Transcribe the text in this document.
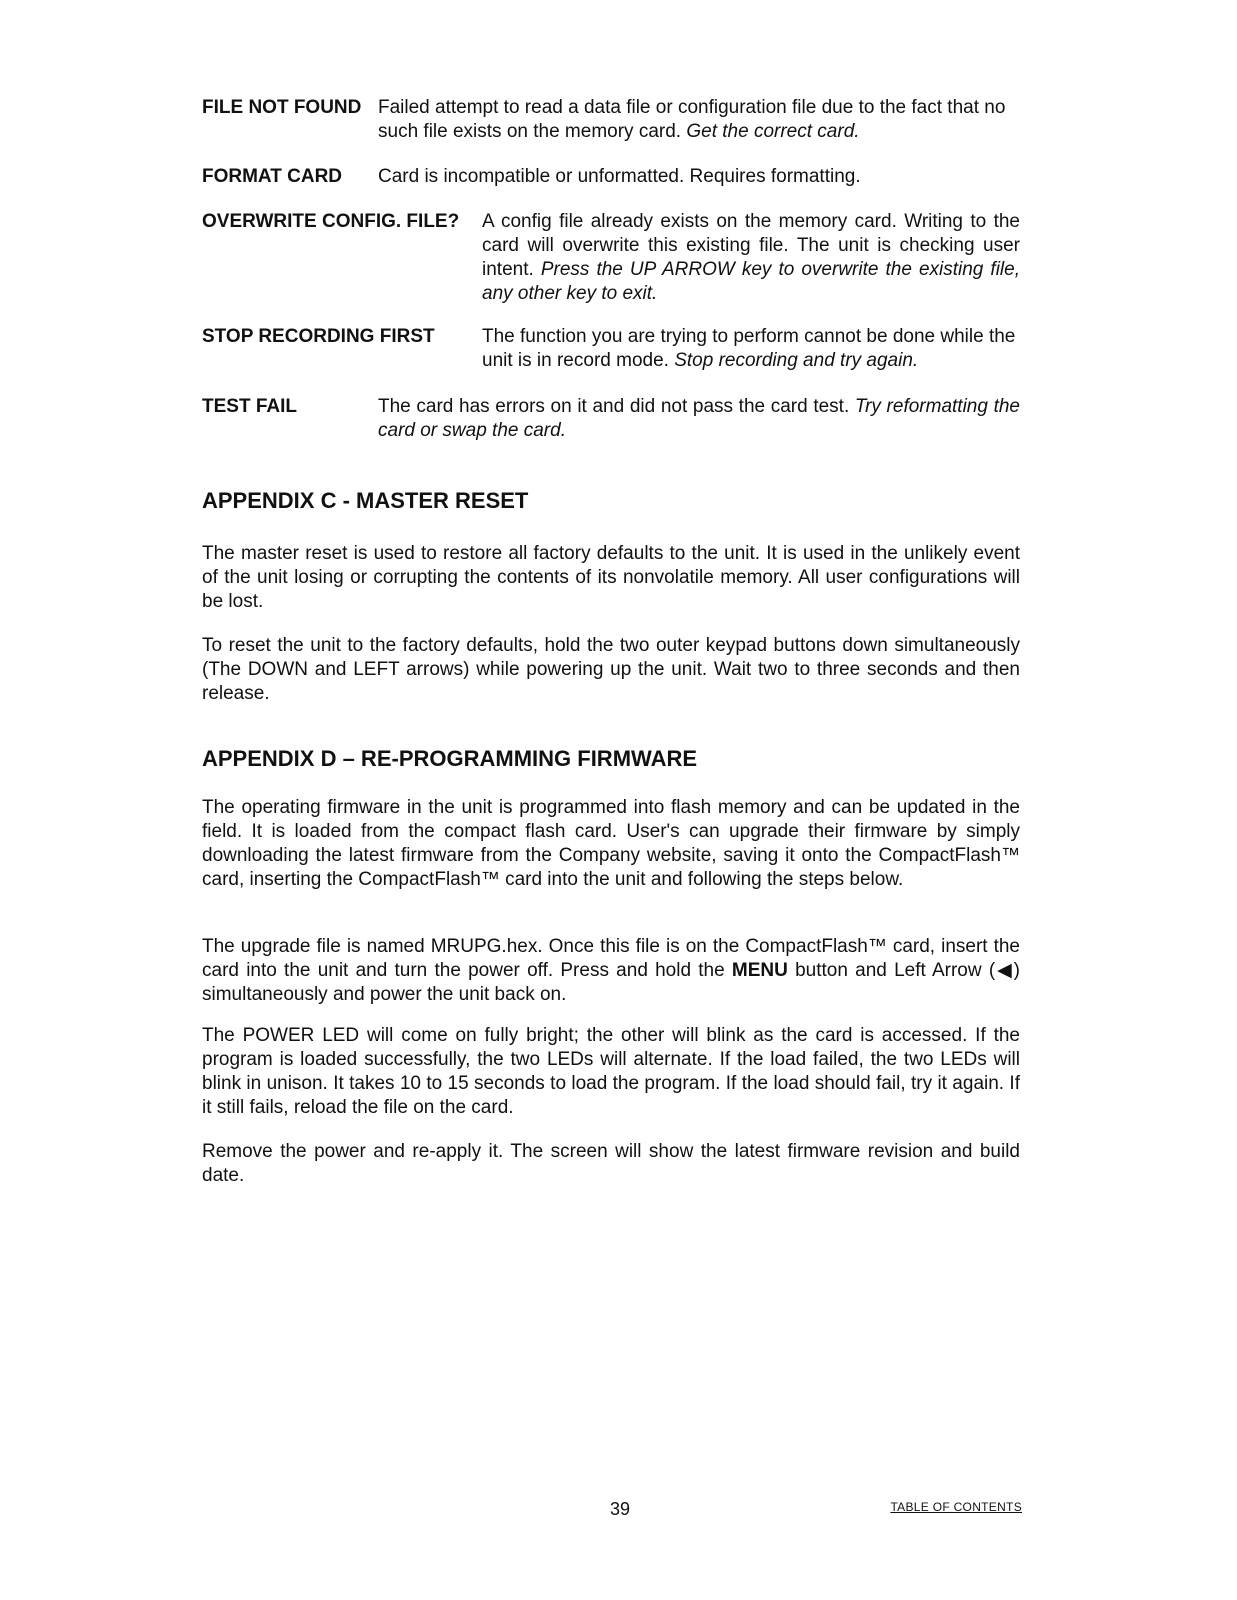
FILE NOT FOUND Failed attempt to read a data file or configuration file due to the fact that no such file exists on the memory card. Get the correct card.
FORMAT CARD Card is incompatible or unformatted. Requires formatting.
OVERWRITE CONFIG. FILE? A config file already exists on the memory card. Writing to the card will overwrite this existing file. The unit is checking user intent. Press the UP ARROW key to overwrite the existing file, any other key to exit.
STOP RECORDING FIRST The function you are trying to perform cannot be done while the unit is in record mode. Stop recording and try again.
TEST FAIL	The card has errors on it and did not pass the card test. Try reformatting the card or swap the card.
APPENDIX C - MASTER RESET

The master reset is used to restore all factory defaults to the unit. It is used in the unlikely event of the unit losing or corrupting the contents of its nonvolatile memory. All user configurations will be lost.

To reset the unit to the factory defaults, hold the two outer keypad buttons down simultaneously (The DOWN and LEFT arrows) while powering up the unit. Wait two to three seconds and then release.

APPENDIX D – RE-PROGRAMMING FIRMWARE

The operating firmware in the unit is programmed into flash memory and can be updated in the field. It is loaded from the compact flash card. User's can upgrade their firmware by simply downloading the latest firmware from the Company website, saving it onto the CompactFlash™ card, inserting the CompactFlash™ card into the unit and following the steps below.

The upgrade file is named MRUPG.hex. Once this file is on the CompactFlash™ card, insert the card into the unit and turn the power off. Press and hold the MENU button and Left Arrow (◀) simultaneously and power the unit back on.

The POWER LED will come on fully bright; the other will blink as the card is accessed. If the program is loaded successfully, the two LEDs will alternate. If the load failed, the two LEDs will blink in unison. It takes 10 to 15 seconds to load the program. If the load should fail, try it again. If it still fails, reload the file on the card.

Remove the power and re-apply it. The screen will show the latest firmware revision and build date.

39	TABLE OF CONTENTS
